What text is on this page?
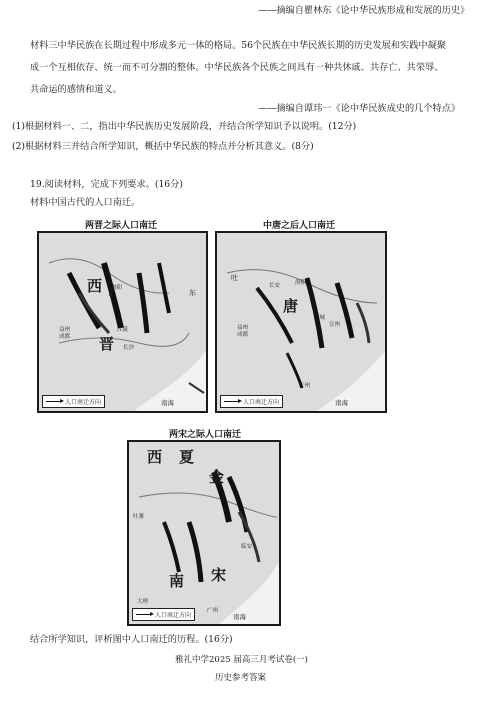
——摘编自瞿林东《论中华民族形成和发展的历史》
材料三中华民族在长期过程中形成多元一体的格局。56个民族在中华民族长期的历史发展和实践中凝聚
成一个互相依存、统一而不可分割的整体。中华民族各个民族之间具有一种共休戚、共存亡、共荣辱、
共命运的感情和道义。
——摘编自谭玮一《论中华民族成史的几个特点》
(1)根据材料一、二，指出中华民族历史发展阶段，并结合所学知识予以说明。(12分)
(2)根据材料三并结合所学知识，概括中华民族的特点并分析其意义。(8分)
19.阅读材料，完成下列要求。(16分)
材料中国古代的人口南迁。
两晋之际人口南迁
西
晋
洛阳
江陵
长沙
益州
成都
东
南海
人口南迁方向
中唐之后人口南迁
唐
长安	洛阳
宣城
宣州
益州
成都
广州
吐
南海
人口南迁方向
两宋之际人口南迁
西 夏
金
南 宋
吐蕃
大理
临安
广州
南海
人口南迁方向
结合所学知识，评析图中人口南迁的历程。(16分)
雅礼中学2025 届高三月考试卷(一)
历史参考答案
